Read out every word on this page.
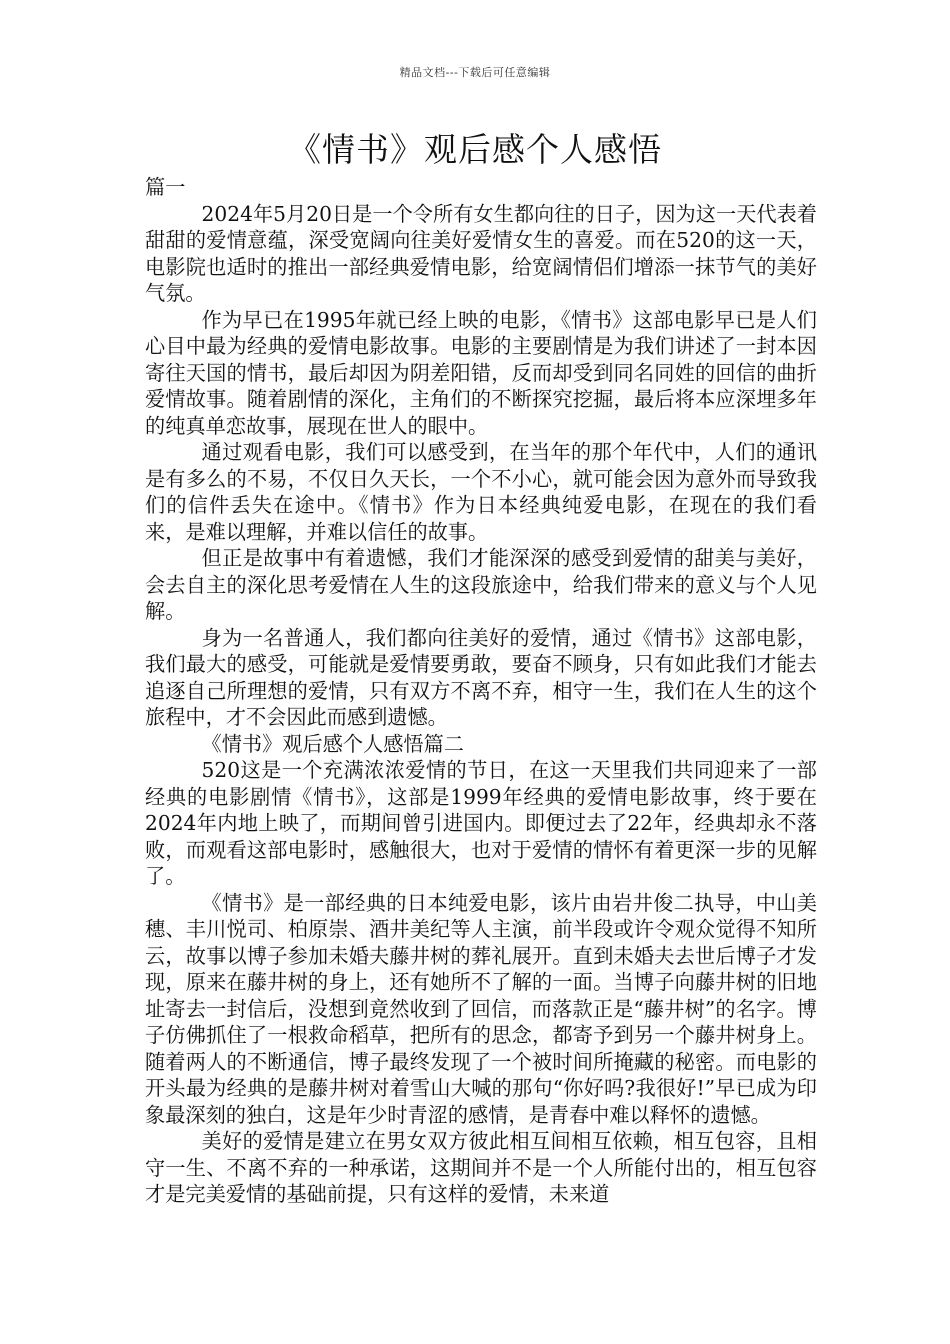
精品文档---下载后可任意编辑
《情书》观后感个人感悟

篇一

2024年5月20日是一个令所有女生都向往的日子，因为这一天代表着甜甜的爱情意蕴，深受宽阔向往美好爱情女生的喜爱。而在520的这一天，电影院也适时的推出一部经典爱情电影，给宽阔情侣们增添一抹节气的美好气氛。

作为早已在1995年就已经上映的电影，《情书》这部电影早已是人们心目中最为经典的爱情电影故事。电影的主要剧情是为我们讲述了一封本因寄往天国的情书，最后却因为阴差阳错，反而却受到同名同姓的回信的曲折爱情故事。随着剧情的深化，主角们的不断探究挖掘，最后将本应深埋多年的纯真单恋故事，展现在世人的眼中。

通过观看电影，我们可以感受到，在当年的那个年代中，人们的通讯是有多么的不易，不仅日久天长，一个不小心，就可能会因为意外而导致我们的信件丢失在途中。《情书》作为日本经典纯爱电影，在现在的我们看来，是难以理解，并难以信任的故事。

但正是故事中有着遗憾，我们才能深深的感受到爱情的甜美与美好，会去自主的深化思考爱情在人生的这段旅途中，给我们带来的意义与个人见解。

身为一名普通人，我们都向往美好的爱情，通过《情书》这部电影，我们最大的感受，可能就是爱情要勇敢，要奋不顾身，只有如此我们才能去追逐自己所理想的爱情，只有双方不离不弃，相守一生，我们在人生的这个旅程中，才不会因此而感到遗憾。

《情书》观后感个人感悟篇二

520这是一个充满浓浓爱情的节日，在这一天里我们共同迎来了一部经典的电影剧情《情书》，这部是1999年经典的爱情电影故事，终于要在2024年内地上映了，而期间曾引进国内。即便过去了22年，经典却永不落败，而观看这部电影时，感触很大，也对于爱情的情怀有着更深一步的见解了。

《情书》是一部经典的日本纯爱电影，该片由岩井俊二执导，中山美穗、丰川悦司、柏原崇、酒井美纪等人主演，前半段或许令观众觉得不知所云，故事以博子参加未婚夫藤井树的葬礼展开。直到未婚夫去世后博子才发现，原来在藤井树的身上，还有她所不了解的一面。当博子向藤井树的旧地址寄去一封信后，没想到竟然收到了回信，而落款正是“藤井树”的名字。博子仿佛抓住了一根救命稻草，把所有的思念，都寄予到另一个藤井树身上。随着两人的不断通信，博子最终发现了一个被时间所掩藏的秘密。而电影的开头最为经典的是藤井树对着雪山大喊的那句“你好吗?我很好!”早已成为印象最深刻的独白，这是年少时青涩的感情，是青春中难以释怀的遗憾。

美好的爱情是建立在男女双方彼此相互间相互依赖，相互包容，且相守一生、不离不弃的一种承诺，这期间并不是一个人所能付出的，相互包容才是完美爱情的基础前提，只有这样的爱情，未来道
